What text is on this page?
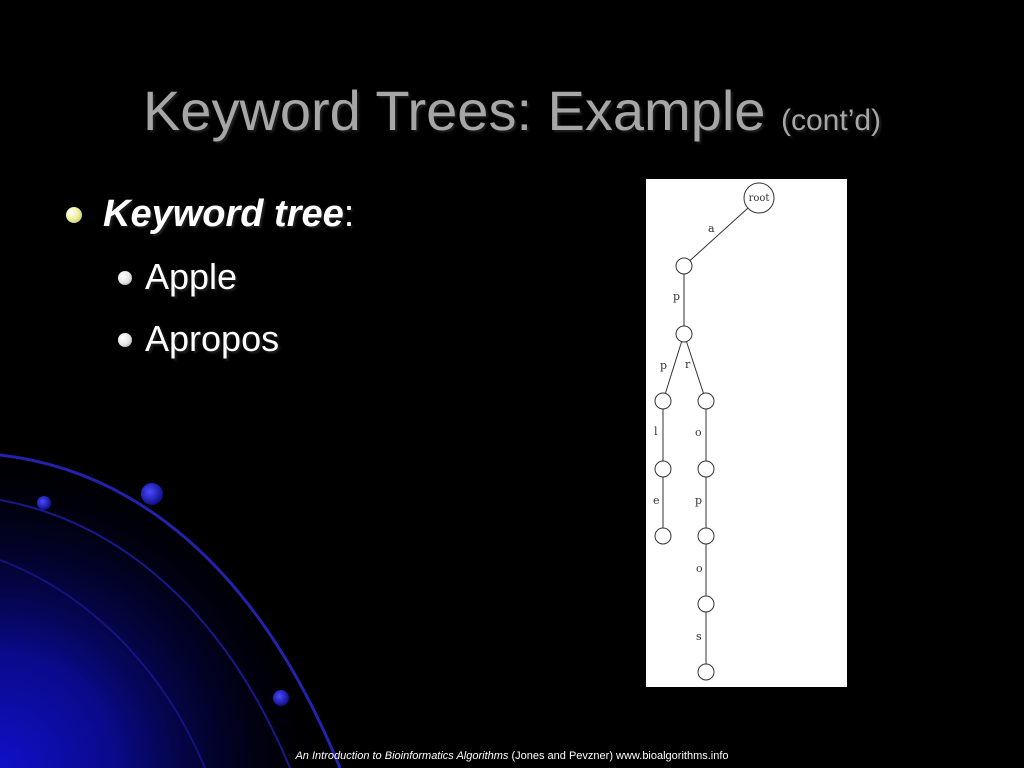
Keyword Trees: Example (cont’d)
Keyword tree:
Apple
Apropos
a
p
p
l
e
r
o
p
o
s
root
An Introduction to Bioinformatics Algorithms (Jones and Pevzner) www.bioalgorithms.info
